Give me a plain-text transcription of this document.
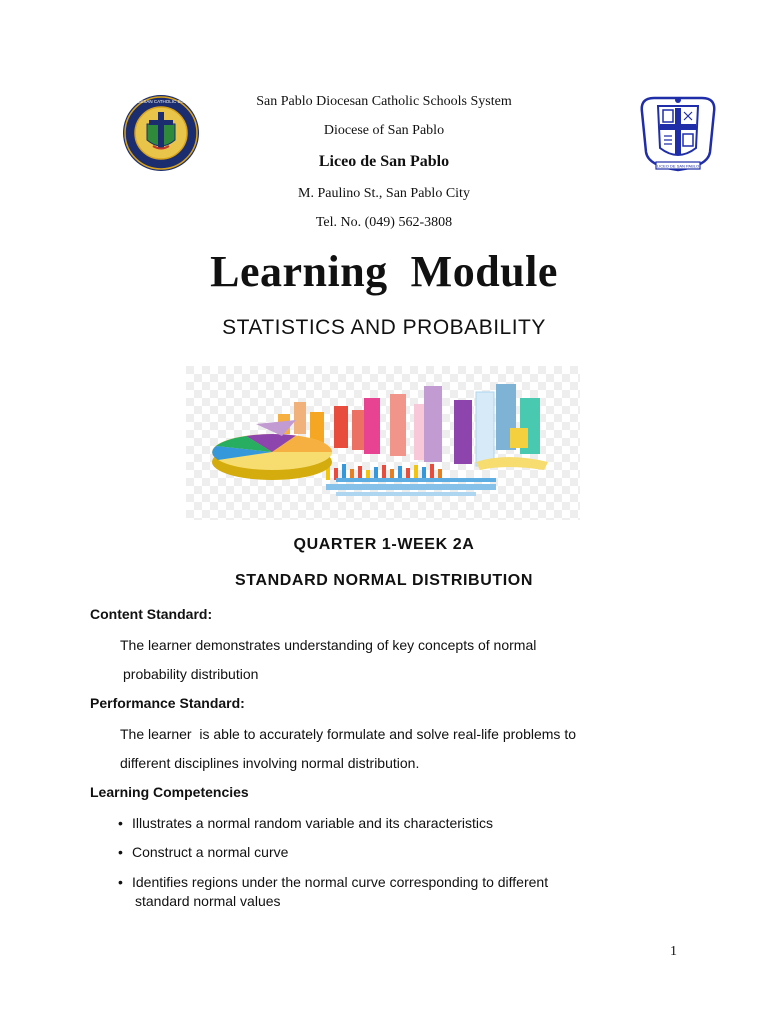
SAN PABLO DIOCESAN CATHOLIC SCHOOLS SYSTEM
LICEO DE SAN PABLO
San Pablo Diocesan Catholic Schools System
Diocese of San Pablo
Liceo de San Pablo
M. Paulino St., San Pablo City
Tel. No. (049) 562-3808
Learning  Module
STATISTICS AND PROBABILITY
QUARTER 1-WEEK 2A
STANDARD NORMAL DISTRIBUTION
Content Standard:
The learner demonstrates understanding of key concepts of normal
probability distribution
Performance Standard:
The learner  is able to accurately formulate and solve real-life problems to
different disciplines involving normal distribution.
Learning Competencies
• Illustrates a normal random variable and its characteristics
• Construct a normal curve
• Identifies regions under the normal curve corresponding to different
standard normal values
1
